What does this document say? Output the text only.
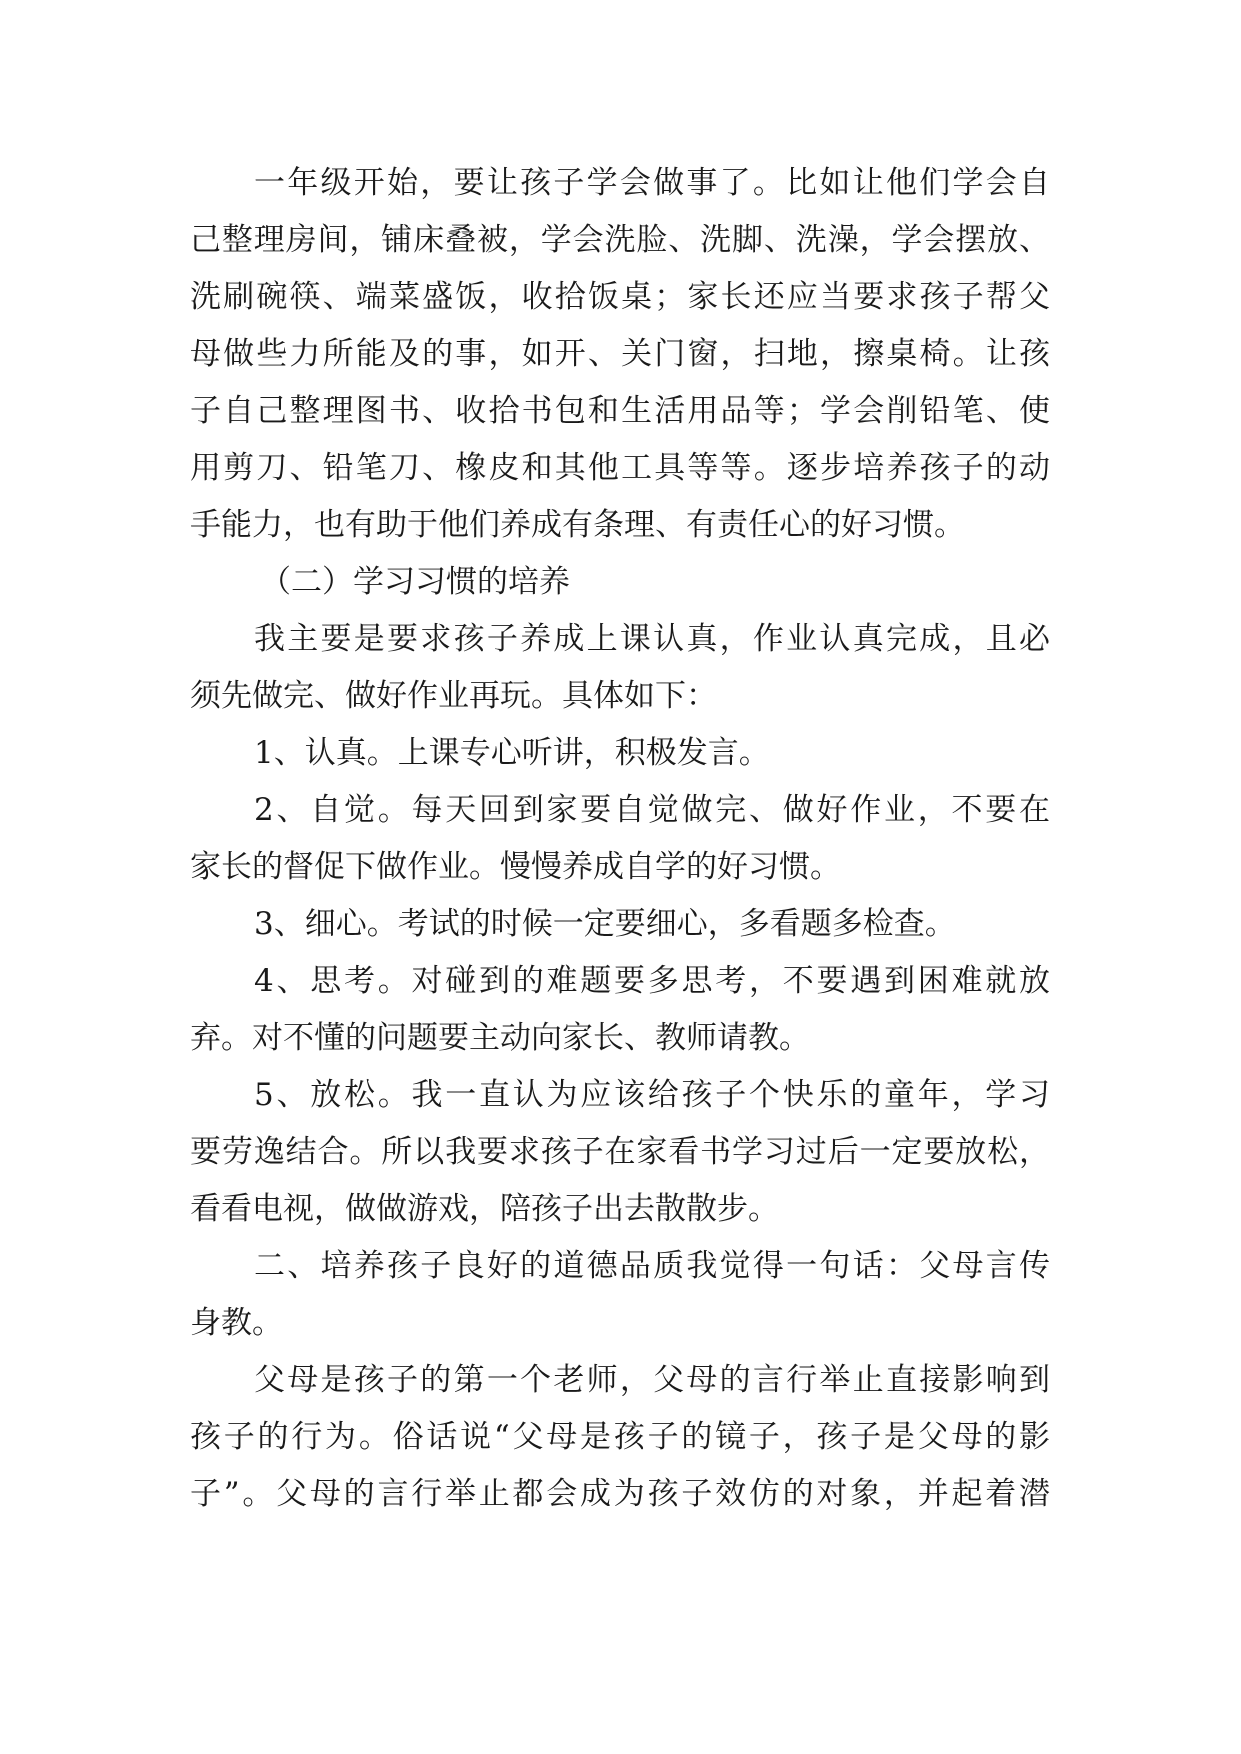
一年级开始，要让孩子学会做事了。比如让他们学会自

己整理房间，铺床叠被，学会洗脸、洗脚、洗澡，学会摆放、

洗刷碗筷、端菜盛饭，收拾饭桌；家长还应当要求孩子帮父

母做些力所能及的事，如开、关门窗，扫地，擦桌椅。让孩

子自己整理图书、收拾书包和生活用品等；学会削铅笔、使

用剪刀、铅笔刀、橡皮和其他工具等等。逐步培养孩子的动

手能力，也有助于他们养成有条理、有责任心的好习惯。

（二）学习习惯的培养

我主要是要求孩子养成上课认真，作业认真完成，且必

须先做完、做好作业再玩。具体如下：

1、认真。上课专心听讲，积极发言。

2、自觉。每天回到家要自觉做完、做好作业，不要在

家长的督促下做作业。慢慢养成自学的好习惯。

3、细心。考试的时候一定要细心，多看题多检查。

4、思考。对碰到的难题要多思考，不要遇到困难就放

弃。对不懂的问题要主动向家长、教师请教。

5、放松。我一直认为应该给孩子个快乐的童年，学习

要劳逸结合。所以我要求孩子在家看书学习过后一定要放松，

看看电视，做做游戏，陪孩子出去散散步。

二、培养孩子良好的道德品质我觉得一句话：父母言传

身教。

父母是孩子的第一个老师，父母的言行举止直接影响到

孩子的行为。俗话说“父母是孩子的镜子，孩子是父母的影

子”。父母的言行举止都会成为孩子效仿的对象，并起着潜
